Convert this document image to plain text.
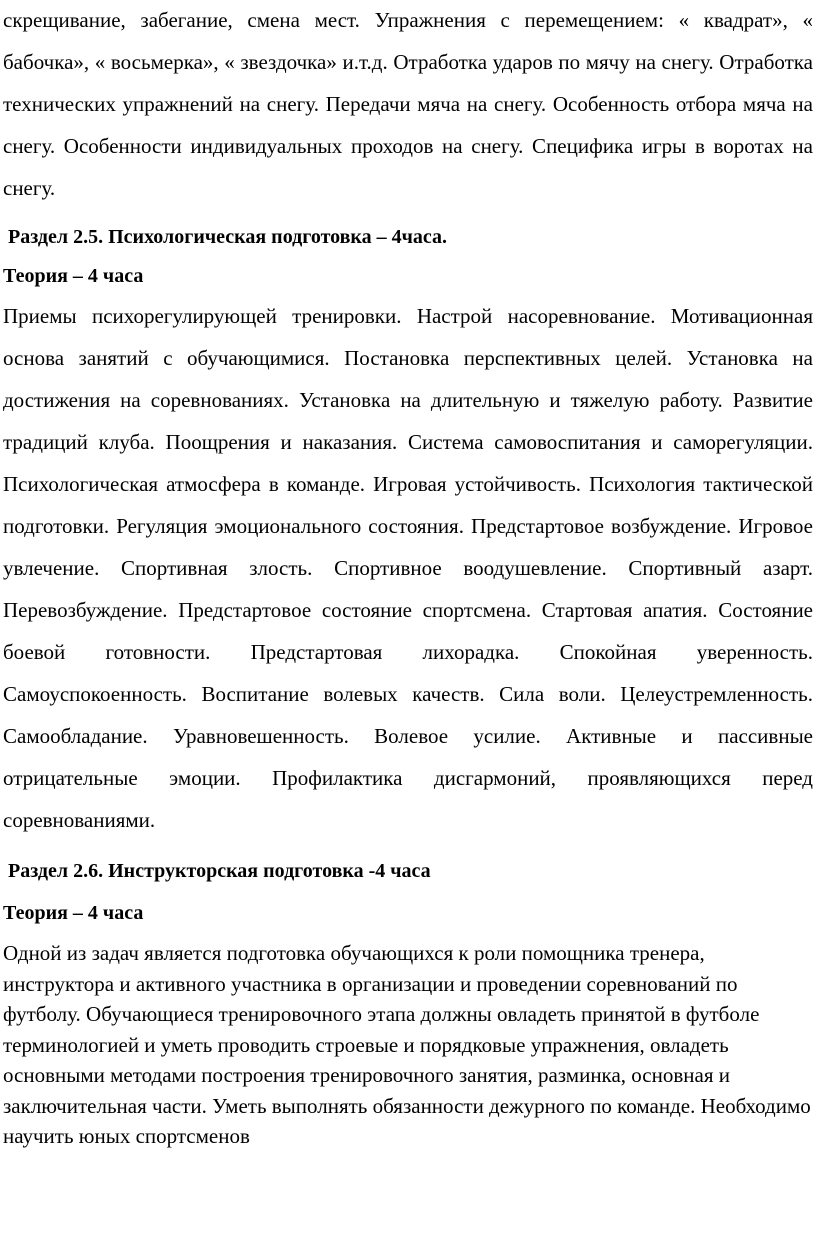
скрещивание, забегание, смена мест. Упражнения с перемещением: « квадрат», « бабочка», « восьмерка», « звездочка» и.т.д. Отработка ударов по мячу на снегу. Отработка технических упражнений на снегу. Передачи мяча на снегу. Особенность отбора мяча на снегу. Особенности индивидуальных проходов на снегу. Специфика игры в воротах на снегу.

Раздел 2.5. Психологическая подготовка – 4часа.

Теория – 4 часа

Приемы психорегулирующей тренировки. Настрой насоревнование. Мотивационная основа занятий с обучающимися. Постановка перспективных целей. Установка на достижения на соревнованиях. Установка на длительную и тяжелую работу. Развитие традиций клуба. Поощрения и наказания. Система самовоспитания и саморегуляции. Психологическая атмосфера в команде. Игровая устойчивость. Психология тактической подготовки. Регуляция эмоционального состояния. Предстартовое возбуждение. Игровое увлечение. Спортивная злость. Спортивное воодушевление. Спортивный азарт. Перевозбуждение. Предстартовое состояние спортсмена. Стартовая апатия. Состояние боевой готовности. Предстартовая лихорадка. Спокойная уверенность. Самоуспокоенность. Воспитание волевых качеств. Сила воли. Целеустремленность. Самообладание. Уравновешенность. Волевое усилие. Активные и пассивные отрицательные эмоции. Профилактика дисгармоний, проявляющихся перед соревнованиями.

Раздел 2.6. Инструкторская подготовка -4 часа

Теория – 4 часа

Одной из задач является подготовка обучающихся к роли помощника тренера, инструктора и активного участника в организации и проведении соревнований по футболу. Обучающиеся тренировочного этапа должны овладеть принятой в футболе терминологией и уметь проводить строевые и порядковые упражнения, овладеть основными методами построения тренировочного занятия, разминка, основная и заключительная части. Уметь выполнять обязанности дежурного по команде. Необходимо научить юных спортсменов
